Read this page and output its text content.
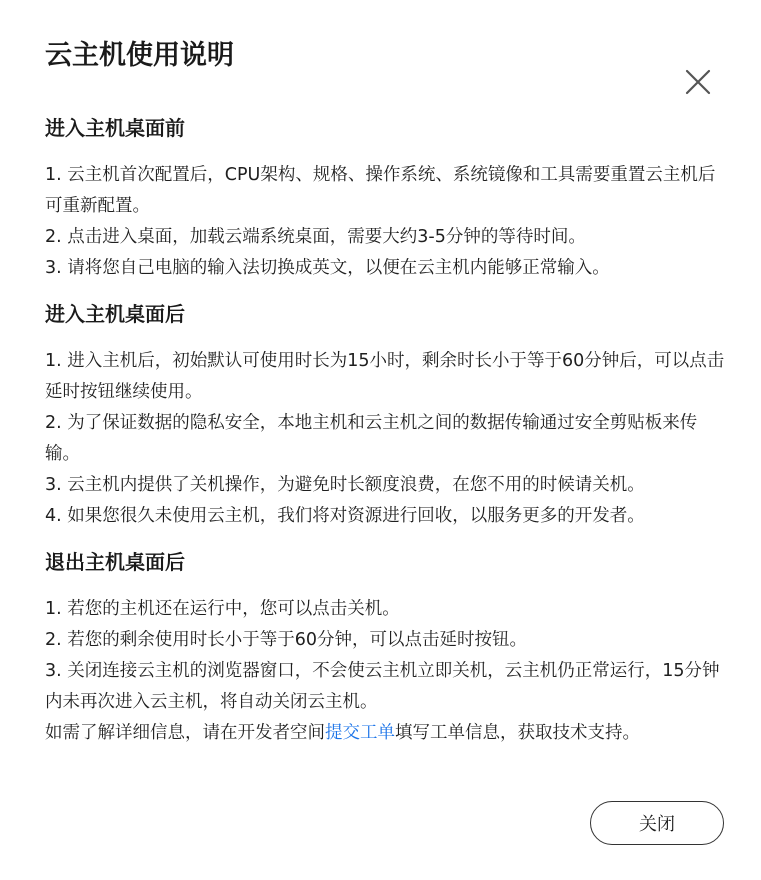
云主机使用说明
进入主机桌面前

1. 云主机首次配置后，CPU架构、规格、操作系统、系统镜像和工具需要重置云主机后可重新配置。

2. 点击进入桌面，加载云端系统桌面，需要大约3-5分钟的等待时间。

3. 请将您自己电脑的输入法切换成英文，以便在云主机内能够正常输入。

进入主机桌面后

1. 进入主机后，初始默认可使用时长为15小时，剩余时长小于等于60分钟后，可以点击延时按钮继续使用。

2. 为了保证数据的隐私安全，本地主机和云主机之间的数据传输通过安全剪贴板来传输。

3. 云主机内提供了关机操作，为避免时长额度浪费，在您不用的时候请关机。

4. 如果您很久未使用云主机，我们将对资源进行回收，以服务更多的开发者。

退出主机桌面后

1. 若您的主机还在运行中，您可以点击关机。

2. 若您的剩余使用时长小于等于60分钟，可以点击延时按钮。

3. 关闭连接云主机的浏览器窗口，不会使云主机立即关机，云主机仍正常运行，15分钟内未再次进入云主机，将自动关闭云主机。

如需了解详细信息，请在开发者空间提交工单填写工单信息，获取技术支持。

关闭
